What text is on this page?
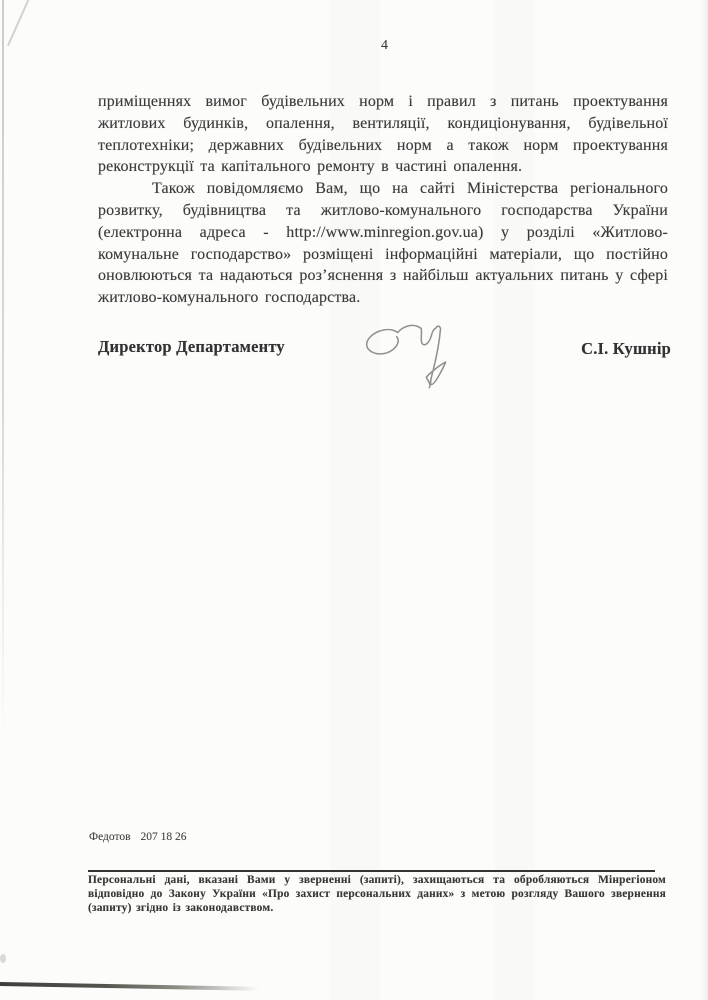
4

приміщеннях вимог будівельних норм і правил з питань проектування житлових будинків, опалення, вентиляції, кондиціонування, будівельної теплотехніки; державних будівельних норм а також норм проектування реконструкції та капітального ремонту в частині опалення.

Також повідомляємо Вам, що на сайті Міністерства регіонального розвитку, будівництва та житлово-комунального господарства України (електронна адреса - http://www.minregion.gov.ua) у розділі «Житлово-комунальне господарство» розміщені інформаційні матеріали, що постійно оновлюються та надаються роз’яснення з найбільш актуальних питань у сфері житлово-комунального господарства.

Директор Департаменту	С.І. Кушнір
Федотов 207 18 26
Персональні дані, вказані Вами у зверненні (запиті), захищаються та обробляються Мінрегіоном відповідно до Закону України «Про захист персональних даних» з метою розгляду Вашого звернення (запиту) згідно із законодавством.
